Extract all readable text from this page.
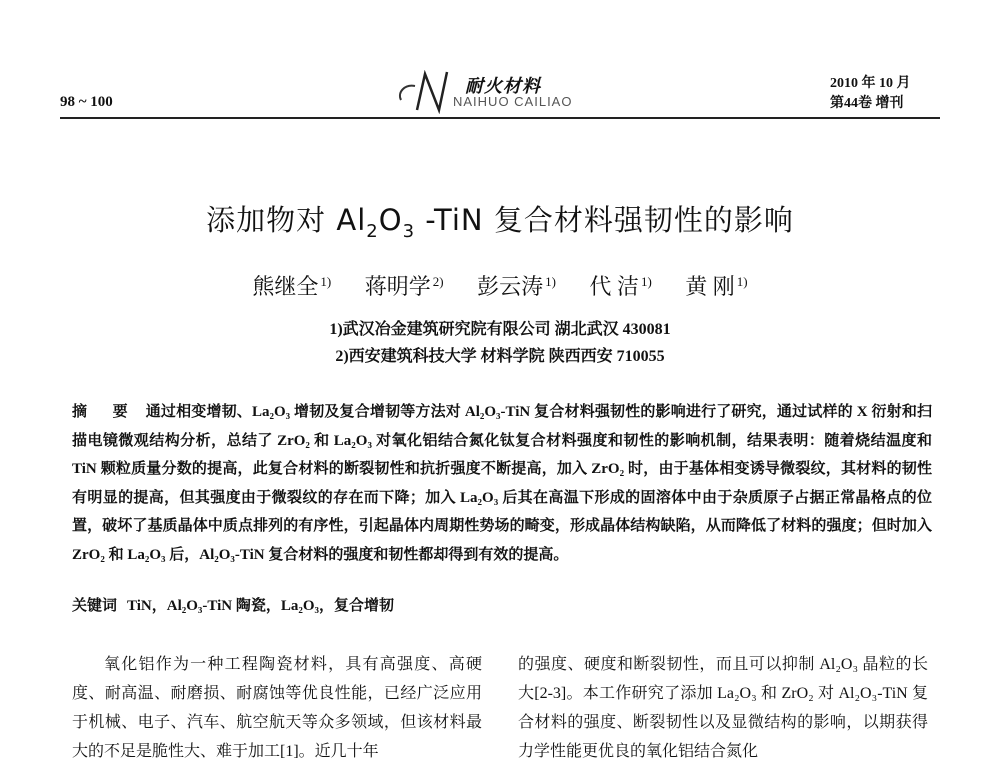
98 ~ 100
耐火材料
NAIHUO CAILIAO
2010 年 10 月
第44卷 增刊
添加物对 $Al_2O_3$ -TiN 复合材料强韧性的影响
熊继全 $^{1)}$ 蒋明学 $^{2)}$ 彭云涛 $^{1)}$ 代 洁 $^{1)}$ 黄 刚 $^{1)}$
1)武汉冶金建筑研究院有限公司 湖北武汉 430081
2)西安建筑科技大学 材料学院 陕西西安 710055
摘 要 通过相变增韧、La₂O₃ 增韧及复合增韧等方法对 Al₂O₃-TiN 复合材料强韧性的影响进行了研究，通过试样的 X 衍射和扫描电镜微观结构分析，总结了 ZrO₂ 和 La₂O₃ 对氧化铝结合氮化钛复合材料强度和韧性的影响机制，结果表明：随着烧结温度和 TiN 颗粒质量分数的提高，此复合材料的断裂韧性和抗折强度不断提高，加入 ZrO₂ 时，由于基体相变诱导微裂纹，其材料的韧性有明显的提高，但其强度由于微裂纹的存在而下降；加入 La₂O₃ 后其在高温下形成的固溶体中由于杂质原子占据正常晶格点的位置，破坏了基质晶体中质点排列的有序性，引起晶体内周期性势场的畸变，形成晶体结构缺陷，从而降低了材料的强度；但时加入 ZrO₂ 和 La₂O₃ 后，Al₂O₃-TiN 复合材料的强度和韧性都却得到有效的提高。
关键词 TiN，Al₂O₃-TiN 陶瓷，La₂O₃，复合增韧
氧化铝作为一种工程陶瓷材料，具有高强度、高硬度、耐高温、耐磨损、耐腐蚀等优良性能，已经广泛应用于机械、电子、汽车、航空航天等众多领域，但该材料最大的不足是脆性大、难于加工[1]。近几十年
的强度、硬度和断裂韧性，而且可以抑制 Al₂O₃ 晶粒的长大[2-3]。本工作研究了添加 La₂O₃ 和 ZrO₂ 对 Al₂O₃-TiN 复合材料的强度、断裂韧性以及显微结构的影响，以期获得力学性能更优良的氧化铝结合氮化
